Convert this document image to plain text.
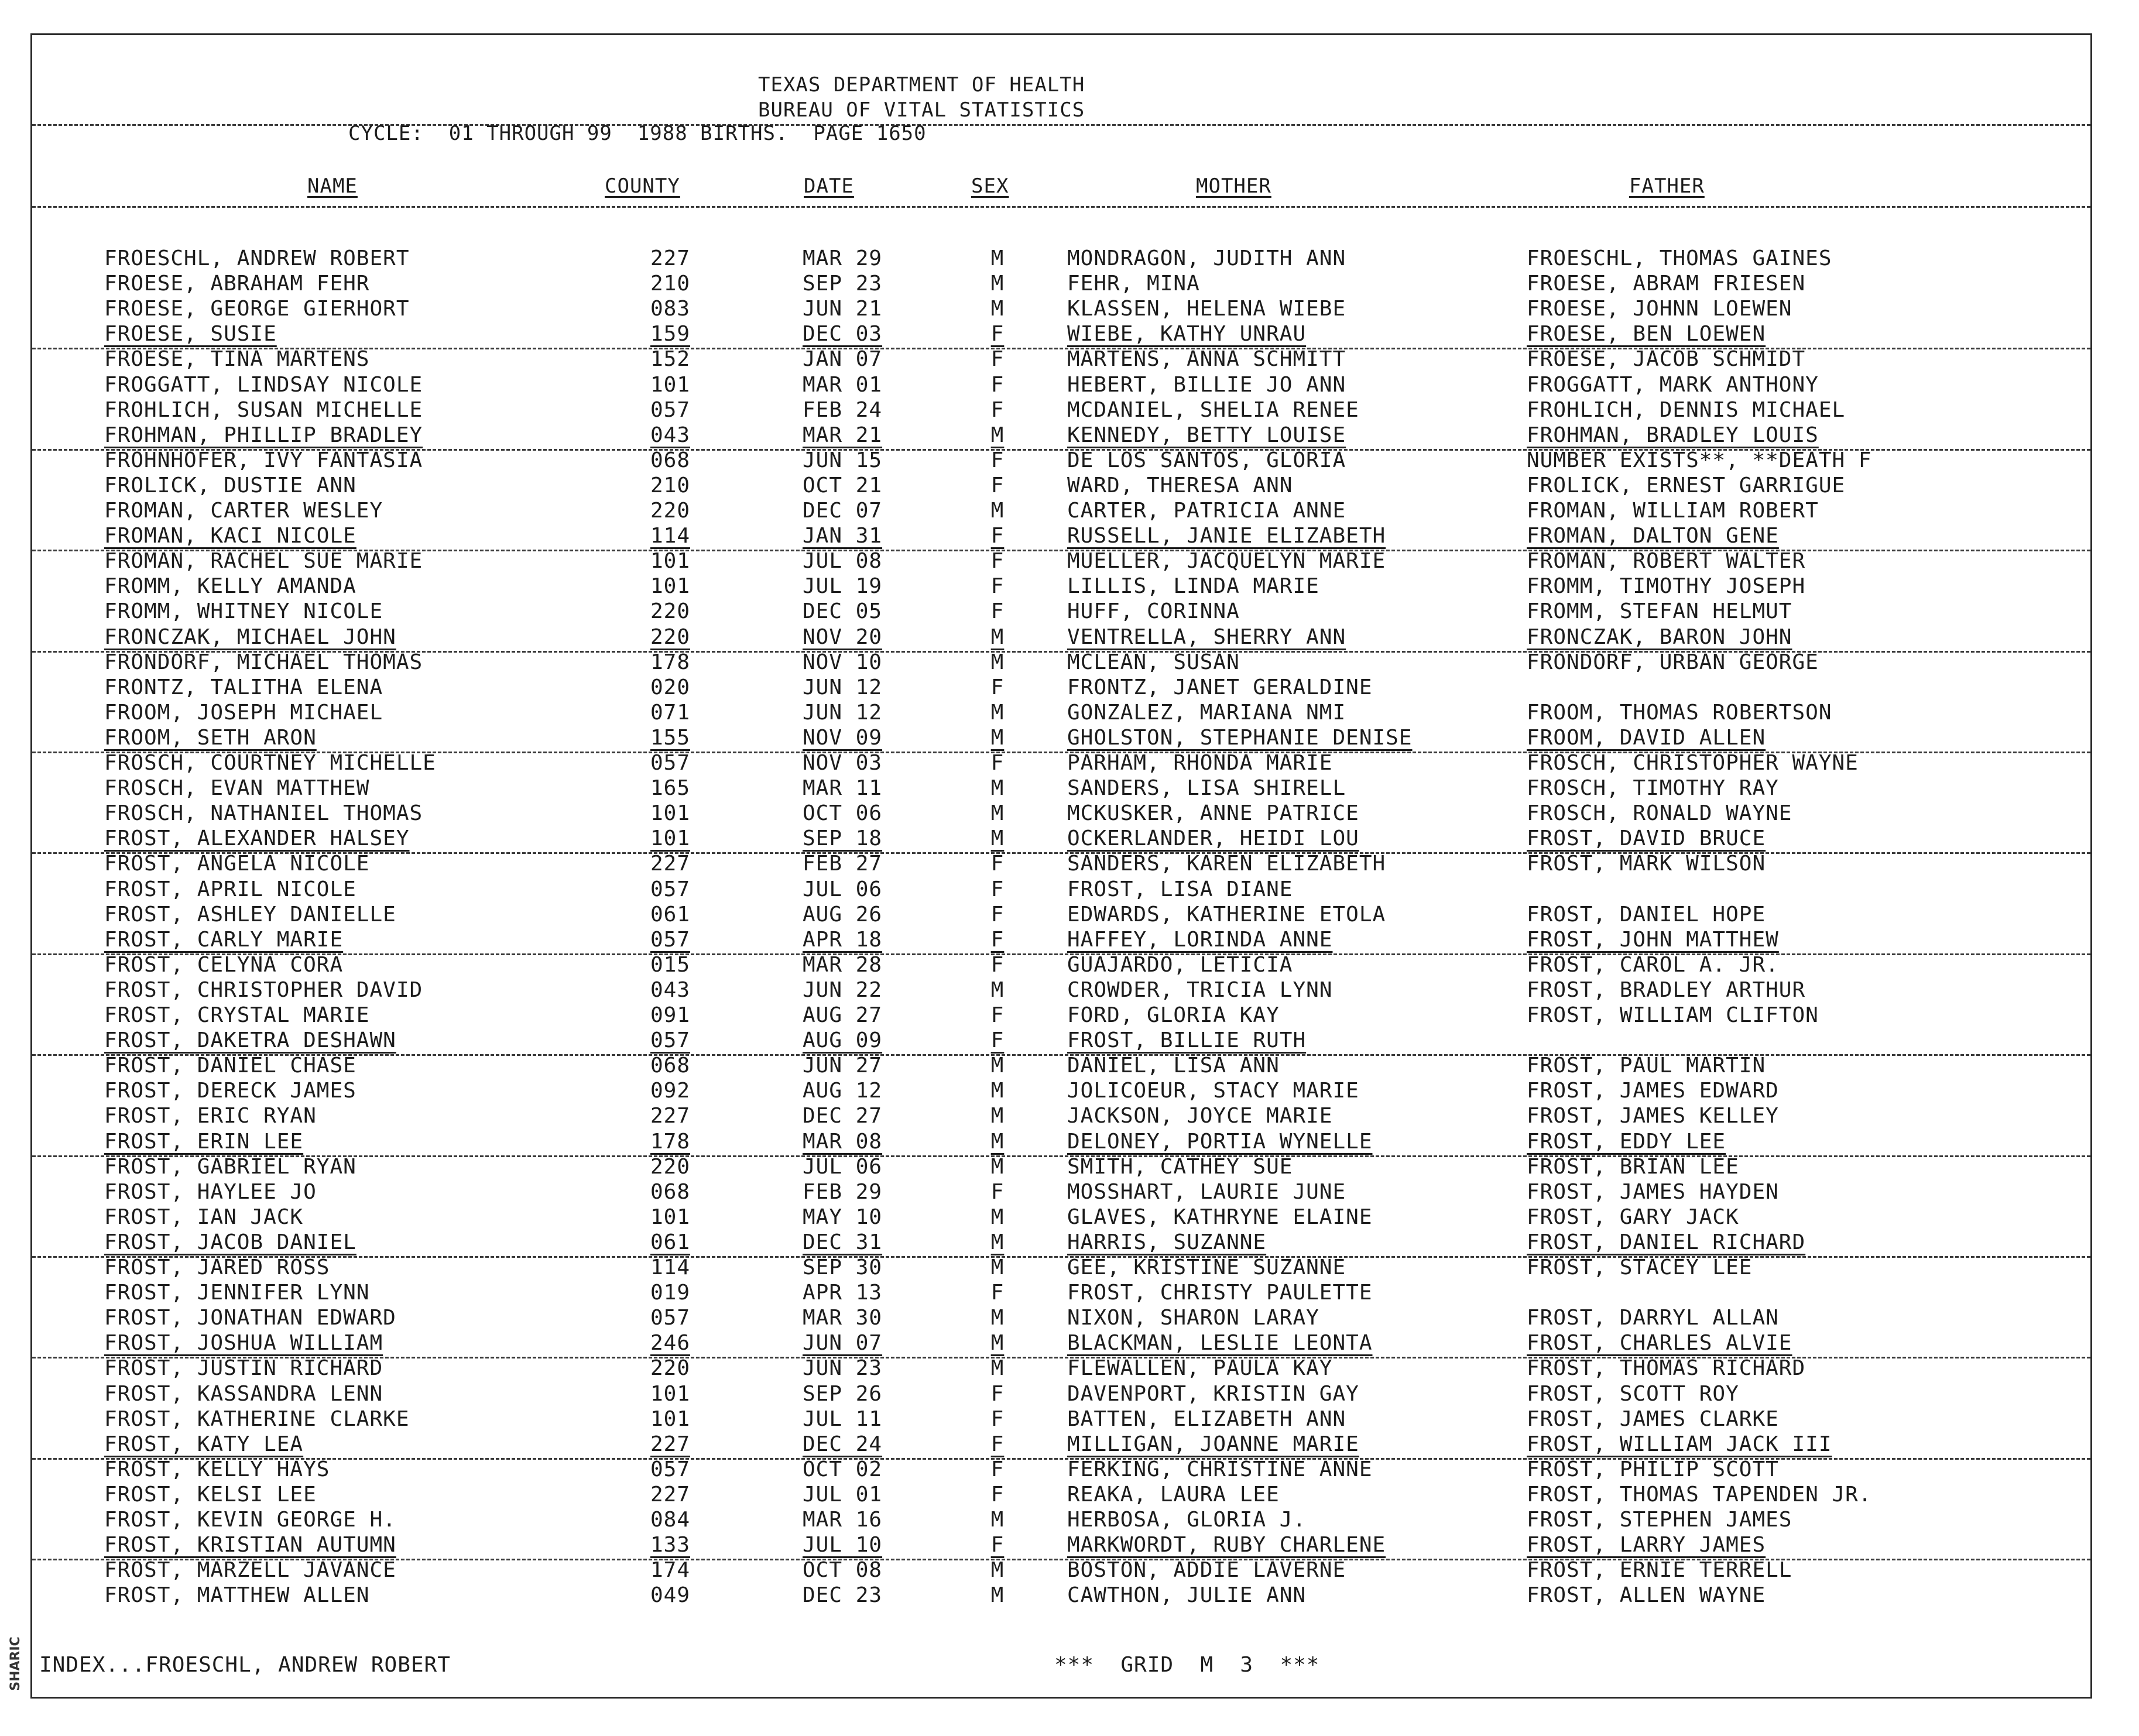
TEXAS DEPARTMENT OF HEALTH
BUREAU OF VITAL STATISTICS
CYCLE:  01 THROUGH 99  1988 BIRTHS.  PAGE 1650
NAME	COUNTY	DATE	SEX	MOTHER	FATHER
FROESCHL, ANDREW ROBERT	227	MAR 29	M	MONDRAGON, JUDITH ANN	FROESCHL, THOMAS GAINES
FROESE, ABRAHAM FEHR	210	SEP 23	M	FEHR, MINA	FROESE, ABRAM FRIESEN
FROESE, GEORGE GIERHORT	083	JUN 21	M	KLASSEN, HELENA WIEBE	FROESE, JOHNN LOEWEN
FROESE, SUSIE	159	DEC 03	F	WIEBE, KATHY UNRAU	FROESE, BEN LOEWEN
FROESE, TINA MARTENS	152	JAN 07	F	MARTENS, ANNA SCHMITT	FROESE, JACOB SCHMIDT
FROGGATT, LINDSAY NICOLE	101	MAR 01	F	HEBERT, BILLIE JO ANN	FROGGATT, MARK ANTHONY
FROHLICH, SUSAN MICHELLE	057	FEB 24	F	MCDANIEL, SHELIA RENEE	FROHLICH, DENNIS MICHAEL
FROHMAN, PHILLIP BRADLEY	043	MAR 21	M	KENNEDY, BETTY LOUISE	FROHMAN, BRADLEY LOUIS
FROHNHOFER, IVY FANTASIA	068	JUN 15	F	DE LOS SANTOS, GLORIA	NUMBER EXISTS**, **DEATH F
FROLICK, DUSTIE ANN	210	OCT 21	F	WARD, THERESA ANN	FROLICK, ERNEST GARRIGUE
FROMAN, CARTER WESLEY	220	DEC 07	M	CARTER, PATRICIA ANNE	FROMAN, WILLIAM ROBERT
FROMAN, KACI NICOLE	114	JAN 31	F	RUSSELL, JANIE ELIZABETH	FROMAN, DALTON GENE
FROMAN, RACHEL SUE MARIE	101	JUL 08	F	MUELLER, JACQUELYN MARIE	FROMAN, ROBERT WALTER
FROMM, KELLY AMANDA	101	JUL 19	F	LILLIS, LINDA MARIE	FROMM, TIMOTHY JOSEPH
FROMM, WHITNEY NICOLE	220	DEC 05	F	HUFF, CORINNA	FROMM, STEFAN HELMUT
FRONCZAK, MICHAEL JOHN	220	NOV 20	M	VENTRELLA, SHERRY ANN	FRONCZAK, BARON JOHN
FRONDORF, MICHAEL THOMAS	178	NOV 10	M	MCLEAN, SUSAN	FRONDORF, URBAN GEORGE
FRONTZ, TALITHA ELENA	020	JUN 12	F	FRONTZ, JANET GERALDINE
FROOM, JOSEPH MICHAEL	071	JUN 12	M	GONZALEZ, MARIANA NMI	FROOM, THOMAS ROBERTSON
FROOM, SETH ARON	155	NOV 09	M	GHOLSTON, STEPHANIE DENISE	FROOM, DAVID ALLEN
FROSCH, COURTNEY MICHELLE	057	NOV 03	F	PARHAM, RHONDA MARIE	FROSCH, CHRISTOPHER WAYNE
FROSCH, EVAN MATTHEW	165	MAR 11	M	SANDERS, LISA SHIRELL	FROSCH, TIMOTHY RAY
FROSCH, NATHANIEL THOMAS	101	OCT 06	M	MCKUSKER, ANNE PATRICE	FROSCH, RONALD WAYNE
FROST, ALEXANDER HALSEY	101	SEP 18	M	OCKERLANDER, HEIDI LOU	FROST, DAVID BRUCE
FROST, ANGELA NICOLE	227	FEB 27	F	SANDERS, KAREN ELIZABETH	FROST, MARK WILSON
FROST, APRIL NICOLE	057	JUL 06	F	FROST, LISA DIANE
FROST, ASHLEY DANIELLE	061	AUG 26	F	EDWARDS, KATHERINE ETOLA	FROST, DANIEL HOPE
FROST, CARLY MARIE	057	APR 18	F	HAFFEY, LORINDA ANNE	FROST, JOHN MATTHEW
FROST, CELYNA CORA	015	MAR 28	F	GUAJARDO, LETICIA	FROST, CAROL A. JR.
FROST, CHRISTOPHER DAVID	043	JUN 22	M	CROWDER, TRICIA LYNN	FROST, BRADLEY ARTHUR
FROST, CRYSTAL MARIE	091	AUG 27	F	FORD, GLORIA KAY	FROST, WILLIAM CLIFTON
FROST, DAKETRA DESHAWN	057	AUG 09	F	FROST, BILLIE RUTH
FROST, DANIEL CHASE	068	JUN 27	M	DANIEL, LISA ANN	FROST, PAUL MARTIN
FROST, DERECK JAMES	092	AUG 12	M	JOLICOEUR, STACY MARIE	FROST, JAMES EDWARD
FROST, ERIC RYAN	227	DEC 27	M	JACKSON, JOYCE MARIE	FROST, JAMES KELLEY
FROST, ERIN LEE	178	MAR 08	M	DELONEY, PORTIA WYNELLE	FROST, EDDY LEE
FROST, GABRIEL RYAN	220	JUL 06	M	SMITH, CATHEY SUE	FROST, BRIAN LEE
FROST, HAYLEE JO	068	FEB 29	F	MOSSHART, LAURIE JUNE	FROST, JAMES HAYDEN
FROST, IAN JACK	101	MAY 10	M	GLAVES, KATHRYNE ELAINE	FROST, GARY JACK
FROST, JACOB DANIEL	061	DEC 31	M	HARRIS, SUZANNE	FROST, DANIEL RICHARD
FROST, JARED ROSS	114	SEP 30	M	GEE, KRISTINE SUZANNE	FROST, STACEY LEE
FROST, JENNIFER LYNN	019	APR 13	F	FROST, CHRISTY PAULETTE
FROST, JONATHAN EDWARD	057	MAR 30	M	NIXON, SHARON LARAY	FROST, DARRYL ALLAN
FROST, JOSHUA WILLIAM	246	JUN 07	M	BLACKMAN, LESLIE LEONTA	FROST, CHARLES ALVIE
FROST, JUSTIN RICHARD	220	JUN 23	M	FLEWALLEN, PAULA KAY	FROST, THOMAS RICHARD
FROST, KASSANDRA LENN	101	SEP 26	F	DAVENPORT, KRISTIN GAY	FROST, SCOTT ROY
FROST, KATHERINE CLARKE	101	JUL 11	F	BATTEN, ELIZABETH ANN	FROST, JAMES CLARKE
FROST, KATY LEA	227	DEC 24	F	MILLIGAN, JOANNE MARIE	FROST, WILLIAM JACK III
FROST, KELLY HAYS	057	OCT 02	F	FERKING, CHRISTINE ANNE	FROST, PHILIP SCOTT
FROST, KELSI LEE	227	JUL 01	F	REAKA, LAURA LEE	FROST, THOMAS TAPENDEN JR.
FROST, KEVIN GEORGE H.	084	MAR 16	M	HERBOSA, GLORIA J.	FROST, STEPHEN JAMES
FROST, KRISTIAN AUTUMN	133	JUL 10	F	MARKWORDT, RUBY CHARLENE	FROST, LARRY JAMES
FROST, MARZELL JAVANCE	174	OCT 08	M	BOSTON, ADDIE LAVERNE	FROST, ERNIE TERRELL
FROST, MATTHEW ALLEN	049	DEC 23	M	CAWTHON, JULIE ANN	FROST, ALLEN WAYNE
INDEX...FROESCHL, ANDREW ROBERT	***  GRID  M  3  ***
SHARIC
